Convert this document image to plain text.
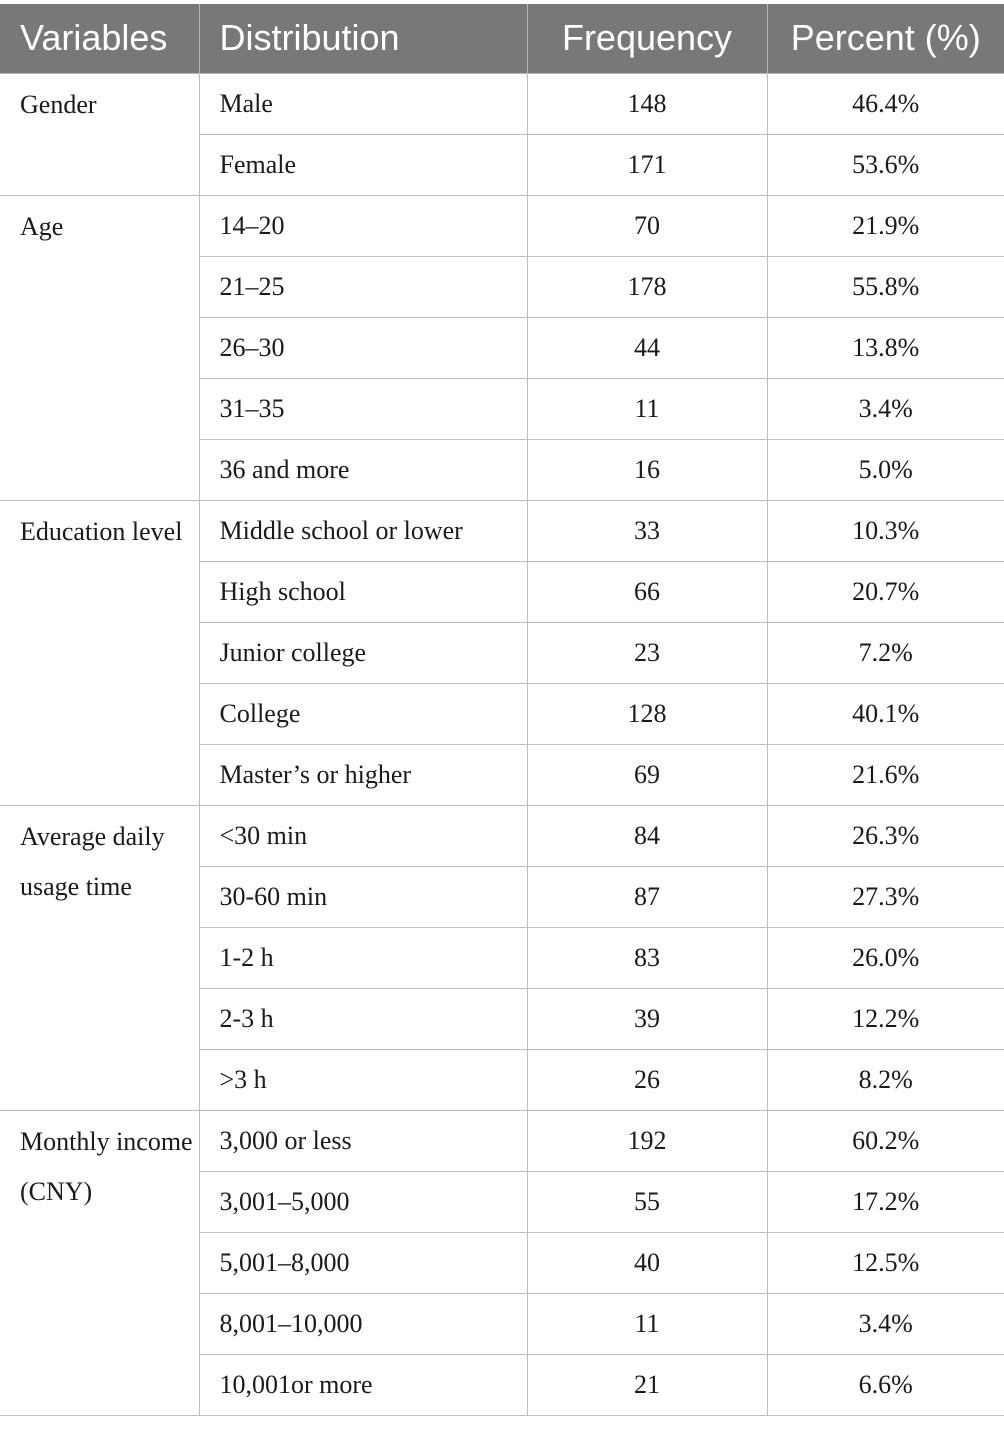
Variables	Distribution	Frequency	Percent (%)
Gender	Male	148	46.4%
	Female	171	53.6%
Age	14–20	70	21.9%
	21–25	178	55.8%
	26–30	44	13.8%
	31–35	11	3.4%
	36 and more	16	5.0%
Education level	Middle school or lower	33	10.3%
	High school	66	20.7%
	Junior college	23	7.2%
	College	128	40.1%
	Master’s or higher	69	21.6%
Average daily usage time	<30 min	84	26.3%
	30-60 min	87	27.3%
	1-2 h	83	26.0%
	2-3 h	39	12.2%
	>3 h	26	8.2%
Monthly income (CNY)	3,000 or less	192	60.2%
	3,001–5,000	55	17.2%
	5,001–8,000	40	12.5%
	8,001–10,000	11	3.4%
	10,001or more	21	6.6%
